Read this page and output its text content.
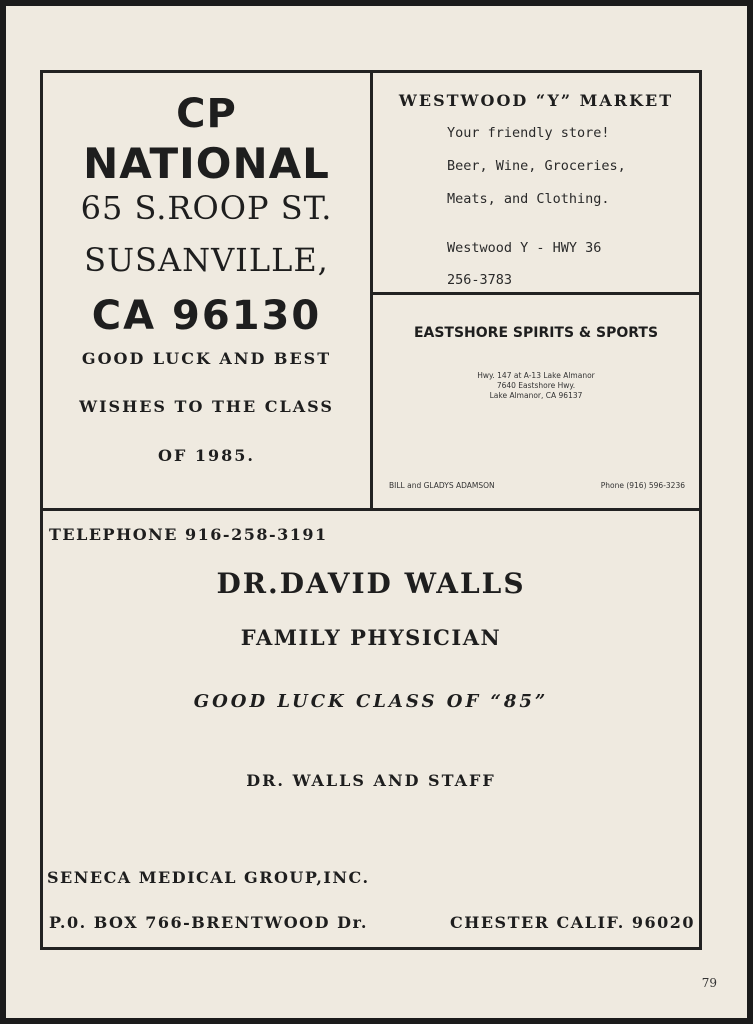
CP
NATIONAL
65 S.ROOP ST.
SUSANVILLE,
CA 96130
GOOD LUCK AND BEST
WISHES TO THE CLASS
OF 1985.
WESTWOOD “Y” MARKET
Your friendly store!
Beer, Wine, Groceries,
Meats, and Clothing.
Westwood Y - HWY 36
256-3783
EASTSHORE SPIRITS & SPORTS
Hwy. 147 at A-13 Lake Almanor
7640 Eastshore Hwy.
Lake Almanor, CA 96137
BILL and GLADYS ADAMSON	Phone (916) 596-3236
TELEPHONE 916-258-3191
DR.DAVID WALLS
FAMILY PHYSICIAN
GOOD LUCK CLASS OF “85”
DR. WALLS AND STAFF
SENECA MEDICAL GROUP,INC.
P.0. BOX 766-BRENTWOOD Dr.	CHESTER CALIF. 96020
79
